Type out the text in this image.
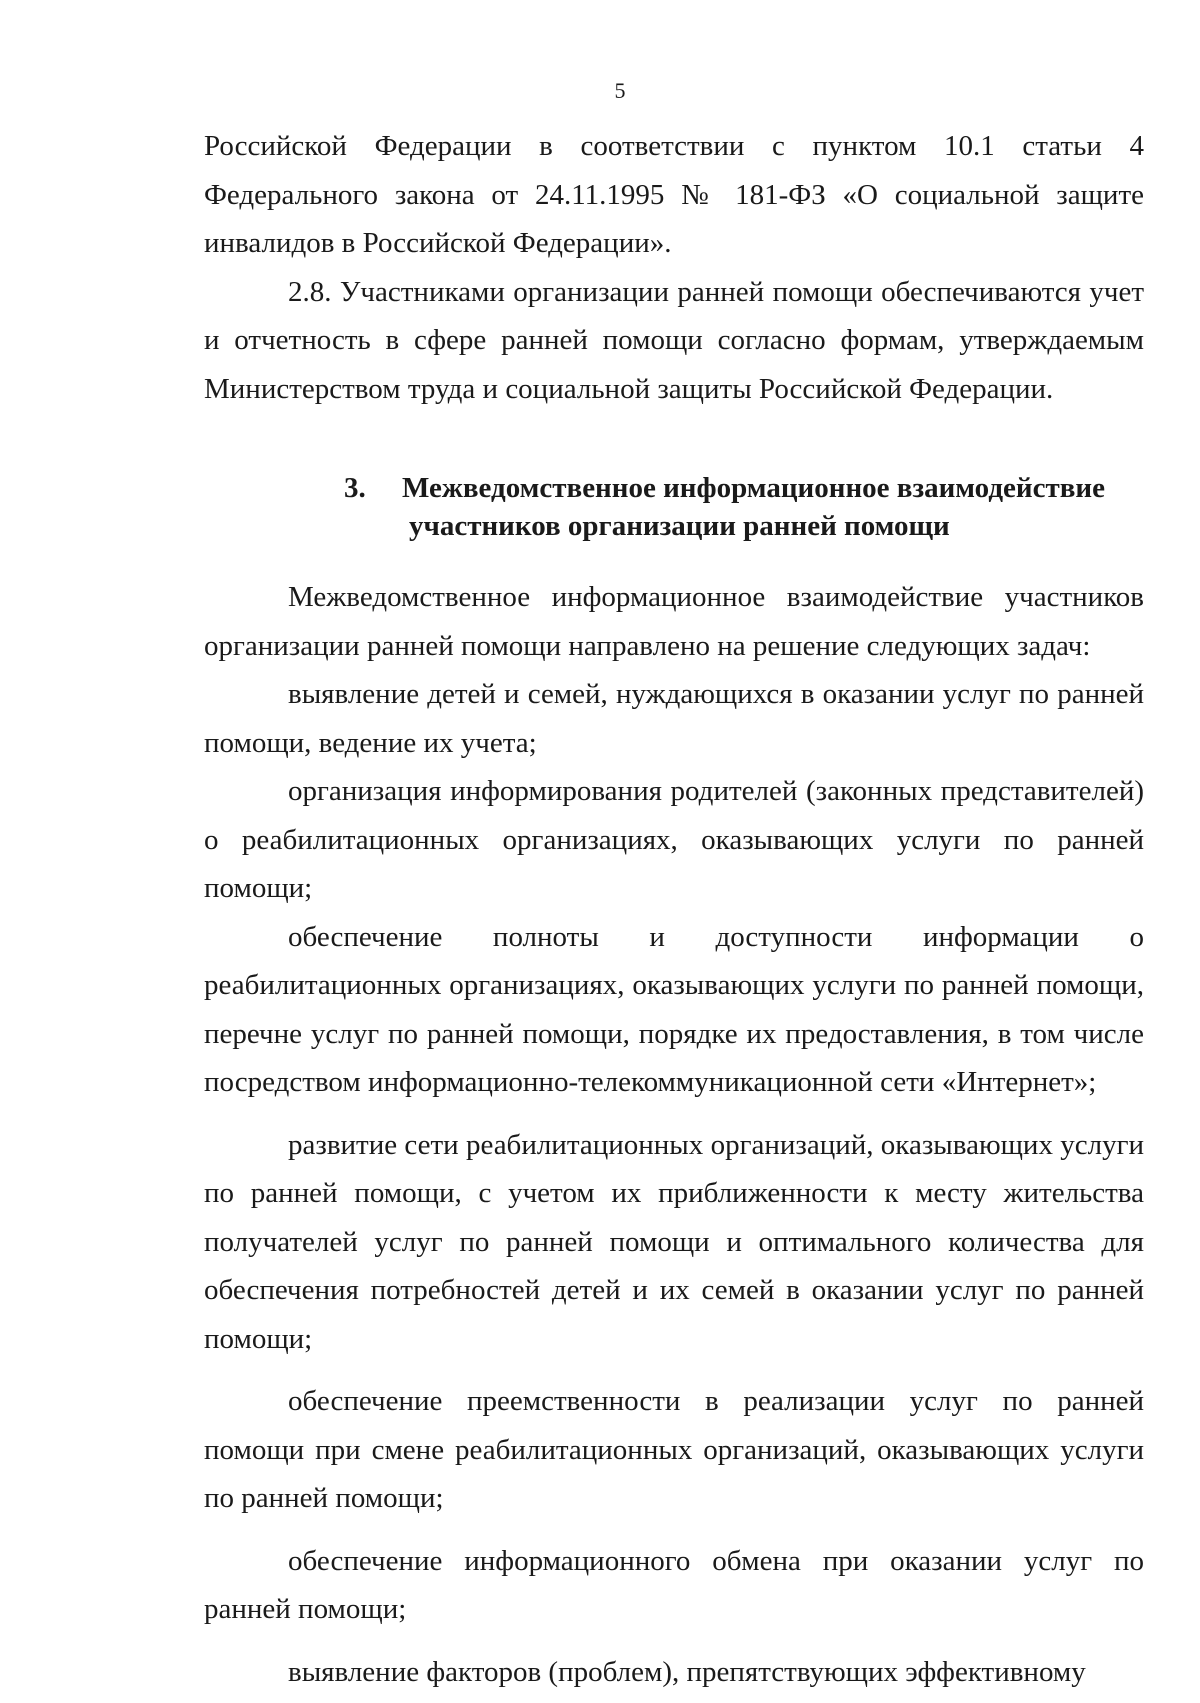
5

Российской Федерации в соответствии с пунктом 10.1 статьи 4 Федерального закона от 24.11.1995 № 181-ФЗ «О социальной защите инвалидов в Российской Федерации».

2.8. Участниками организации ранней помощи обеспечиваются учет и отчетность в сфере ранней помощи согласно формам, утверждаемым Министерством труда и социальной защиты Российской Федерации.

3. Межведомственное информационное взаимодействие
участников организации ранней помощи

Межведомственное информационное взаимодействие участников организации ранней помощи направлено на решение следующих задач:

выявление детей и семей, нуждающихся в оказании услуг по ранней помощи, ведение их учета;

организация информирования родителей (законных представителей) о реабилитационных организациях, оказывающих услуги по ранней помощи;

обеспечение полноты и доступности информации о реабилитационных организациях, оказывающих услуги по ранней помощи, перечне услуг по ранней помощи, порядке их предоставления, в том числе посредством информационно-телекоммуникационной сети «Интернет»;

развитие сети реабилитационных организаций, оказывающих услуги по ранней помощи, с учетом их приближенности к месту жительства получателей услуг по ранней помощи и оптимального количества для обеспечения потребностей детей и их семей в оказании услуг по ранней помощи;

обеспечение преемственности в реализации услуг по ранней помощи при смене реабилитационных организаций, оказывающих услуги по ранней помощи;

обеспечение информационного обмена при оказании услуг по ранней помощи;

выявление факторов (проблем), препятствующих эффективному
